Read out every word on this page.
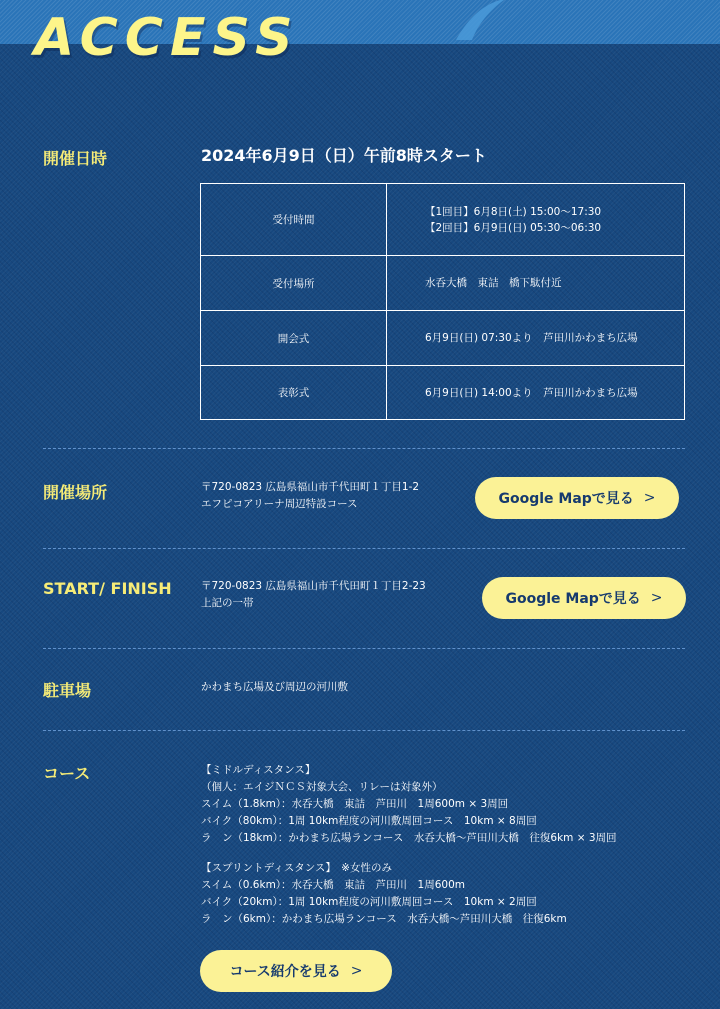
ACCESS
開催日時	2024年6月9日（日）午前8時スタート
受付時間	【1回目】6月8日(土) 15:00〜17:30
【2回目】6月9日(日) 05:30〜06:30

受付場所	水呑大橋　東詰　橋下駄付近

開会式	6月9日(日) 07:30より　芦田川かわまち広場

表彰式	6月9日(日) 14:00より　芦田川かわまち広場
開催場所	〒720-0823 広島県福山市千代田町１丁目1-2
エフピコアリーナ周辺特設コース	Google Mapで見る >
START/ FINISH	〒720-0823 広島県福山市千代田町１丁目2-23
上記の一帯	Google Mapで見る >
駐車場	かわまち広場及び周辺の河川敷
コース	【ミドルディスタンス】
（個人：エイジＮＣＳ対象大会、リレーは対象外）
スイム（1.8km）：水呑大橋　東詰　芦田川　1周600m × 3周回
バイク（80km）：1周 10km程度の河川敷周回コース　10km × 8周回
ラ　ン（18km）：かわまち広場ランコース　水呑大橋〜芦田川大橋　往復6km × 3周回
【スプリントディスタンス】　※女性のみ
スイム（0.6km）：水呑大橋　東詰　芦田川　1周600m
バイク（20km）：1周 10km程度の河川敷周回コース　10km × 2周回
ラ　ン（6km）：かわまち広場ランコース　水呑大橋〜芦田川大橋　往復6km
コース紹介を見る >
